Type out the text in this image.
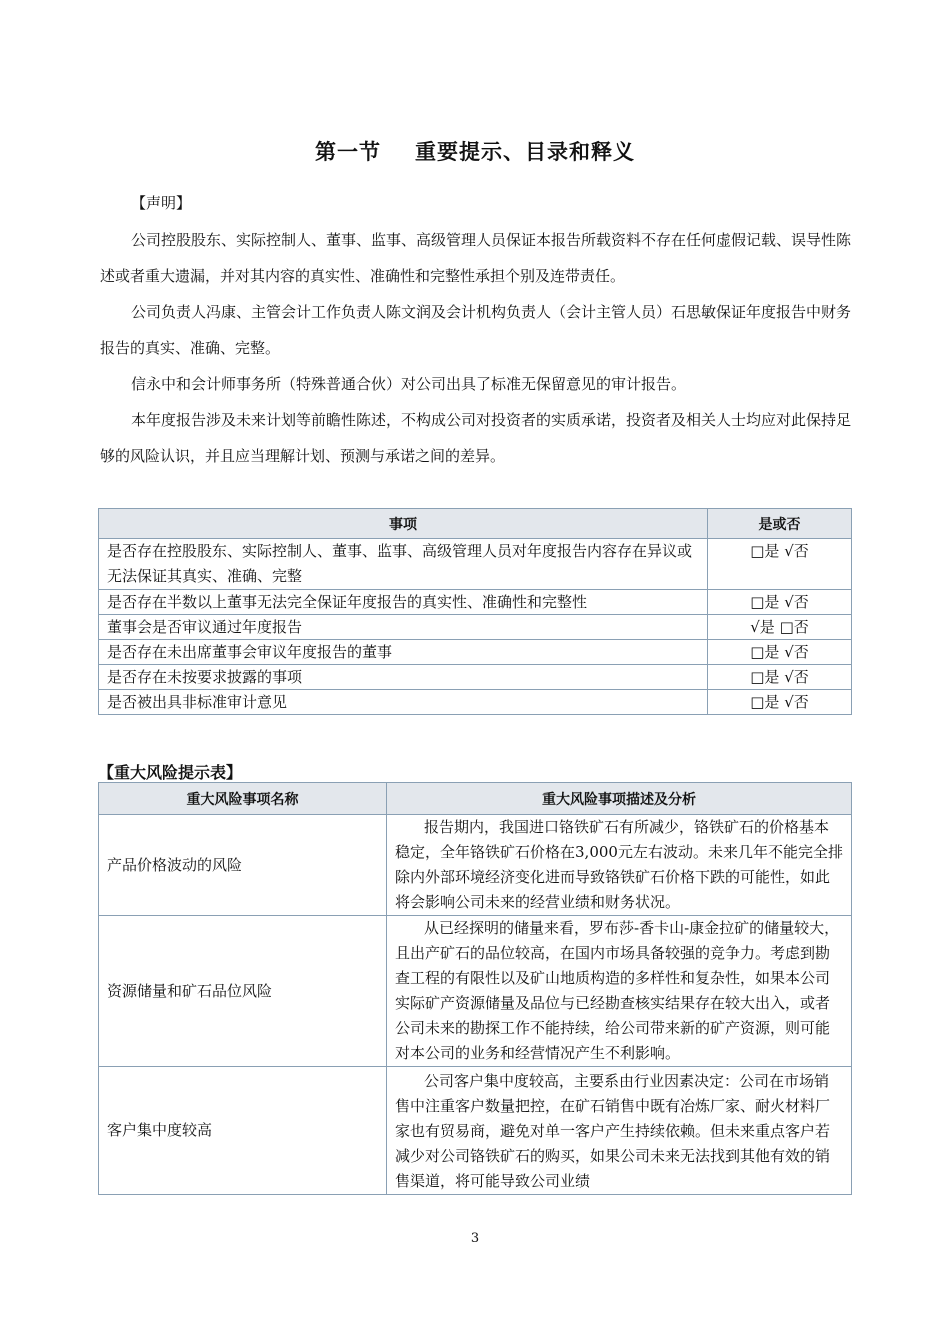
第一节 重要提示、目录和释义
【声明】
公司控股股东、实际控制人、董事、监事、高级管理人员保证本报告所载资料不存在任何虚假记载、误导性陈述或者重大遗漏，并对其内容的真实性、准确性和完整性承担个别及连带责任。
公司负责人冯康、主管会计工作负责人陈文润及会计机构负责人（会计主管人员）石思敏保证年度报告中财务报告的真实、准确、完整。
信永中和会计师事务所（特殊普通合伙）对公司出具了标准无保留意见的审计报告。
本年度报告涉及未来计划等前瞻性陈述，不构成公司对投资者的实质承诺，投资者及相关人士均应对此保持足够的风险认识，并且应当理解计划、预测与承诺之间的差异。
事项	是或否
是否存在控股股东、实际控制人、董事、监事、高级管理人员对年度报告内容存在异议或无法保证其真实、准确、完整	□是 √否
是否存在半数以上董事无法完全保证年度报告的真实性、准确性和完整性	□是 √否
董事会是否审议通过年度报告	√是 □否
是否存在未出席董事会审议年度报告的董事	□是 √否
是否存在未按要求披露的事项	□是 √否
是否被出具非标准审计意见	□是 √否
【重大风险提示表】
重大风险事项名称	重大风险事项描述及分析
产品价格波动的风险	报告期内，我国进口铬铁矿石有所减少，铬铁矿石的价格基本稳定，全年铬铁矿石价格在3,000元左右波动。未来几年不能完全排除内外部环境经济变化进而导致铬铁矿石价格下跌的可能性，如此将会影响公司未来的经营业绩和财务状况。
资源储量和矿石品位风险	从已经探明的储量来看，罗布莎-香卡山-康金拉矿的储量较大，且出产矿石的品位较高，在国内市场具备较强的竞争力。考虑到勘查工程的有限性以及矿山地质构造的多样性和复杂性，如果本公司实际矿产资源储量及品位与已经勘查核实结果存在较大出入，或者公司未来的勘探工作不能持续，给公司带来新的矿产资源，则可能对本公司的业务和经营情况产生不利影响。
客户集中度较高	公司客户集中度较高，主要系由行业因素决定：公司在市场销售中注重客户数量把控，在矿石销售中既有冶炼厂家、耐火材料厂家也有贸易商，避免对单一客户产生持续依赖。但未来重点客户若减少对公司铬铁矿石的购买，如果公司未来无法找到其他有效的销售渠道，将可能导致公司业绩
3
